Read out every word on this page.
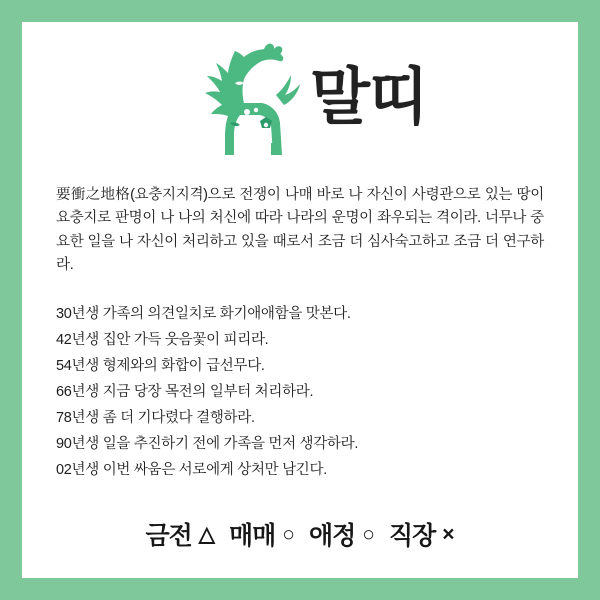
말띠

要衝之地格(요충지지격)으로 전쟁이 나매 바로 나 자신이 사령관으로 있는 땅이 요충지로 판명이 나 나의 처신에 따라 나라의 운명이 좌우되는 격이라. 너무나 중요한 일을 나 자신이 처리하고 있을 때로서 조금 더 심사숙고하고 조금 더 연구하라.

30년생 가족의 의견일치로 화기애애함을 맛본다.
42년생 집안 가득 웃음꽃이 피리라.
54년생 형제와의 화합이 급선무다.
66년생 지금 당장 목전의 일부터 처리하라.
78년생 좀 더 기다렸다 결행하라.
90년생 일을 추진하기 전에 가족을 먼저 생각하라.
02년생 이번 싸움은 서로에게 상처만 남긴다.
금전 △ 매매 ○ 애정 ○ 직장 ×
